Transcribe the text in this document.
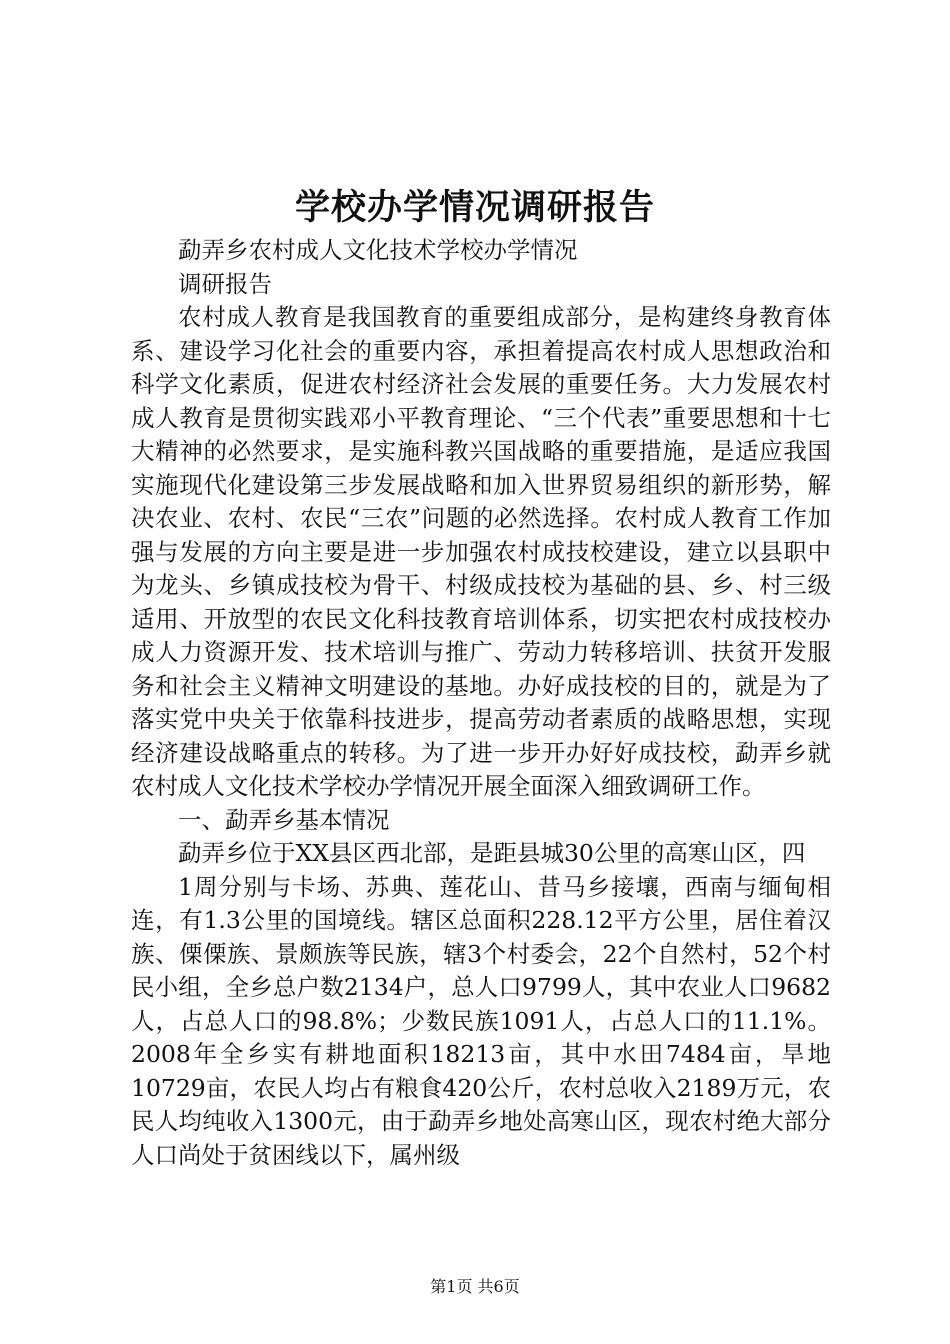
学校办学情况调研报告

勐弄乡农村成人文化技术学校办学情况

调研报告

农村成人教育是我国教育的重要组成部分，是构建终身教育体系、建设学习化社会的重要内容，承担着提高农村成人思想政治和科学文化素质，促进农村经济社会发展的重要任务。大力发展农村成人教育是贯彻实践邓小平教育理论、“三个代表”重要思想和十七大精神的必然要求，是实施科教兴国战略的重要措施，是适应我国实施现代化建设第三步发展战略和加入世界贸易组织的新形势，解决农业、农村、农民“三农”问题的必然选择。农村成人教育工作加强与发展的方向主要是进一步加强农村成技校建设，建立以县职中为龙头、乡镇成技校为骨干、村级成技校为基础的县、乡、村三级适用、开放型的农民文化科技教育培训体系，切实把农村成技校办成人力资源开发、技术培训与推广、劳动力转移培训、扶贫开发服务和社会主义精神文明建设的基地。办好成技校的目的，就是为了落实党中央关于依靠科技进步，提高劳动者素质的战略思想，实现经济建设战略重点的转移。为了进一步开办好好成技校，勐弄乡就农村成人文化技术学校办学情况开展全面深入细致调研工作。

一、勐弄乡基本情况

勐弄乡位于XX县区西北部，是距县城30公里的高寒山区，四

1周分别与卡场、苏典、莲花山、昔马乡接壤，西南与缅甸相连，有1.3公里的国境线。辖区总面积228.12平方公里，居住着汉族、傈傈族、景颇族等民族，辖3个村委会，22个自然村，52个村民小组，全乡总户数2134户，总人口9799人，其中农业人口9682人，占总人口的98.8%；少数民族1091人，占总人口的11.1%。2008年全乡实有耕地面积18213亩，其中水田7484亩，旱地10729亩，农民人均占有粮食420公斤，农村总收入2189万元，农民人均纯收入1300元，由于勐弄乡地处高寒山区，现农村绝大部分人口尚处于贫困线以下，属州级

第1页 共6页
